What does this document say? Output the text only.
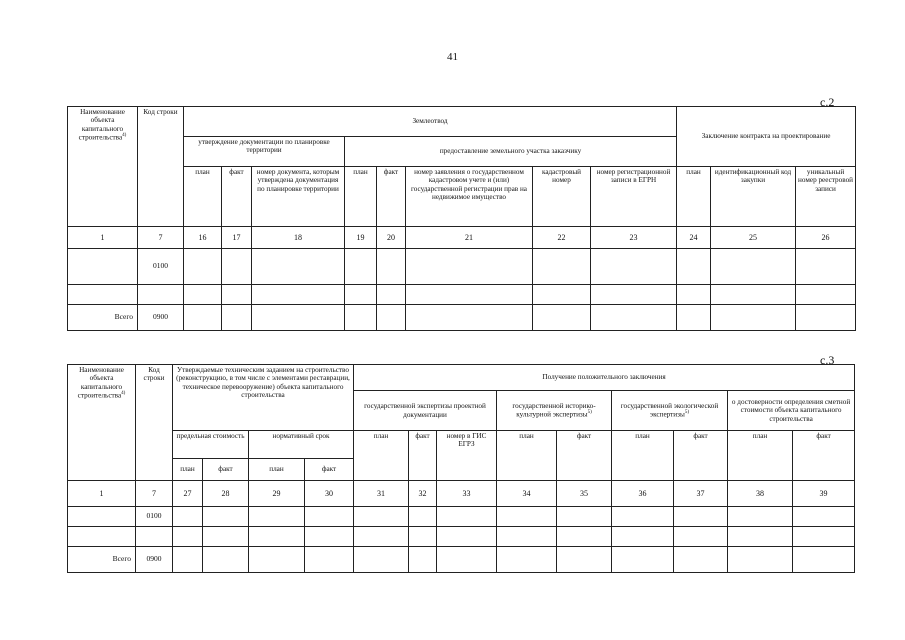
41
с.2
Наименование объекта капитального строительства$^{4)}$	Код строки	Землеотвод								Заключение контракта на проектирование		
		утверждение документации по планировке территории			предоставление земельного участка заказчику							
		план	факт	номер документа, которым утверждена документация по планировке территории	план	факт	номер заявления о государственном кадастровом учете и (или) государственной регистрации прав на недвижимое имущество	кадастровый номер	номер регистрационной записи в ЕГРН	план	идентификационный код закупки	уникальный номер реестровой записи
1	7	16	17	18	19	20	21	22	23	24	25	26
	0100											

Всего	0900											
с.3
Наименование объекта капитального строительства$^{4)}$	Код строки	Утверждаемые техническим заданием на строительство (реконструкцию, в том числе с элементами реставрации, техническое перевооружение) объекта капитального строительства				Получение положительного заключения								
						государственной экспертизы проектной документации			государственной историко-культурной экспертизы$^{5)}$		государственной экологической экспертизы$^{5)}$		о достоверности определения сметной стоимости объекта капитального строительства	
		предельная стоимость		нормативный срок		план	факт	номер в ГИС ЕГРЗ	план	факт	план	факт	план	факт
		план	факт	план	факт									
1	7	27	28	29	30	31	32	33	34	35	36	37	38	39
	0100													

Всего	0900													
